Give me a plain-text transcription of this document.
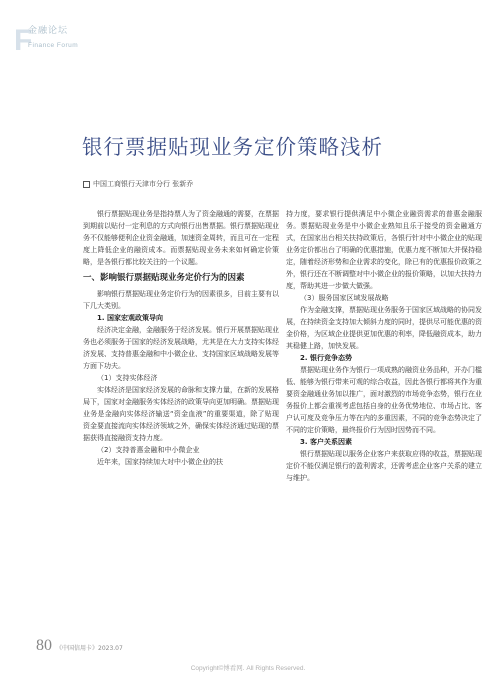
F
金融论坛
Finance Forum
银行票据贴现业务定价策略浅析
中国工商银行天津市分行 张新乔

银行票据贴现业务是指持票人为了资金融通的需要，在票据到期前以贴付一定利息的方式向银行出售票据。银行票据贴现业务不仅能够便利企业资金融通，加速资金周转，而且可在一定程度上降低企业的融资成本。而票据贴现业务未来如何确定价策略，是各银行都比较关注的一个议题。

一、影响银行票据贴现业务定价行为的因素

影响银行票据贴现业务定价行为的因素很多，目前主要有以下几大类别。

1. 国家宏观政策导向

经济决定金融，金融服务于经济发展。银行开展票据贴现业务也必须服务于国家的经济发展战略，尤其是在大力支持实体经济发展、支持普惠金融和中小微企业、支持国家区域战略发展等方面下功夫。

（1）支持实体经济

实体经济是国家经济发展的命脉和支撑力量，在新的发展格局下，国家对金融服务实体经济的政策导向更加明确。票据贴现业务是金融向实体经济输送“资金血液”的重要渠道，除了贴现资金要直接流向实体经济领域之外，确保实体经济通过贴现的票据获得直接融资支持力度。

（2）支持普惠金融和中小微企业

近年来，国家持续加大对中小微企业的扶

持力度，要求银行提供满足中小微企业融资需求的普惠金融服务。票据贴现业务是中小微企业熟知且乐于接受的资金融通方式，在国家出台相关扶持政策后，各银行针对中小微企业的贴现业务定价都出台了明确的优惠措施，优惠力度不断加大并保持稳定，随着经济形势和企业需求的变化，除已有的优惠报价政策之外，银行还在不断调整对中小微企业的报价策略，以加大扶持力度，帮助其进一步做大做强。

（3）服务国家区域发展战略

作为金融支撑，票据贴现业务服务于国家区域战略的协同发展，在持续资金支持加大倾斜力度的同时，提供尽可能优惠的资金价格，为区域企业提供更加优惠的利率，降低融资成本，助力其稳健上路，加快发展。

2. 银行竞争态势

票据贴现业务作为银行一项成熟的融资业务品种，开办门槛低、能够为银行带来可观的综合收益，因此各银行都将其作为重要资金融通业务加以推广，面对激烈的市场竞争态势，银行在业务报价上都会重视考虑包括自身的业务优势地位、市场占比、客户认可度及竞争压力等在内的多重因素，不同的竞争态势决定了不同的定价策略，最终报价行为因时因势而不同。

3. 客户关系因素

银行票据贴现以服务企业客户来获取应得的收益，票据贴现定价不能仅满足银行的盈利需求，还需考虑企业客户关系的建立与维护。

80 《中国信用卡》2023.07
Copyright©博看网. All Rights Reserved.
